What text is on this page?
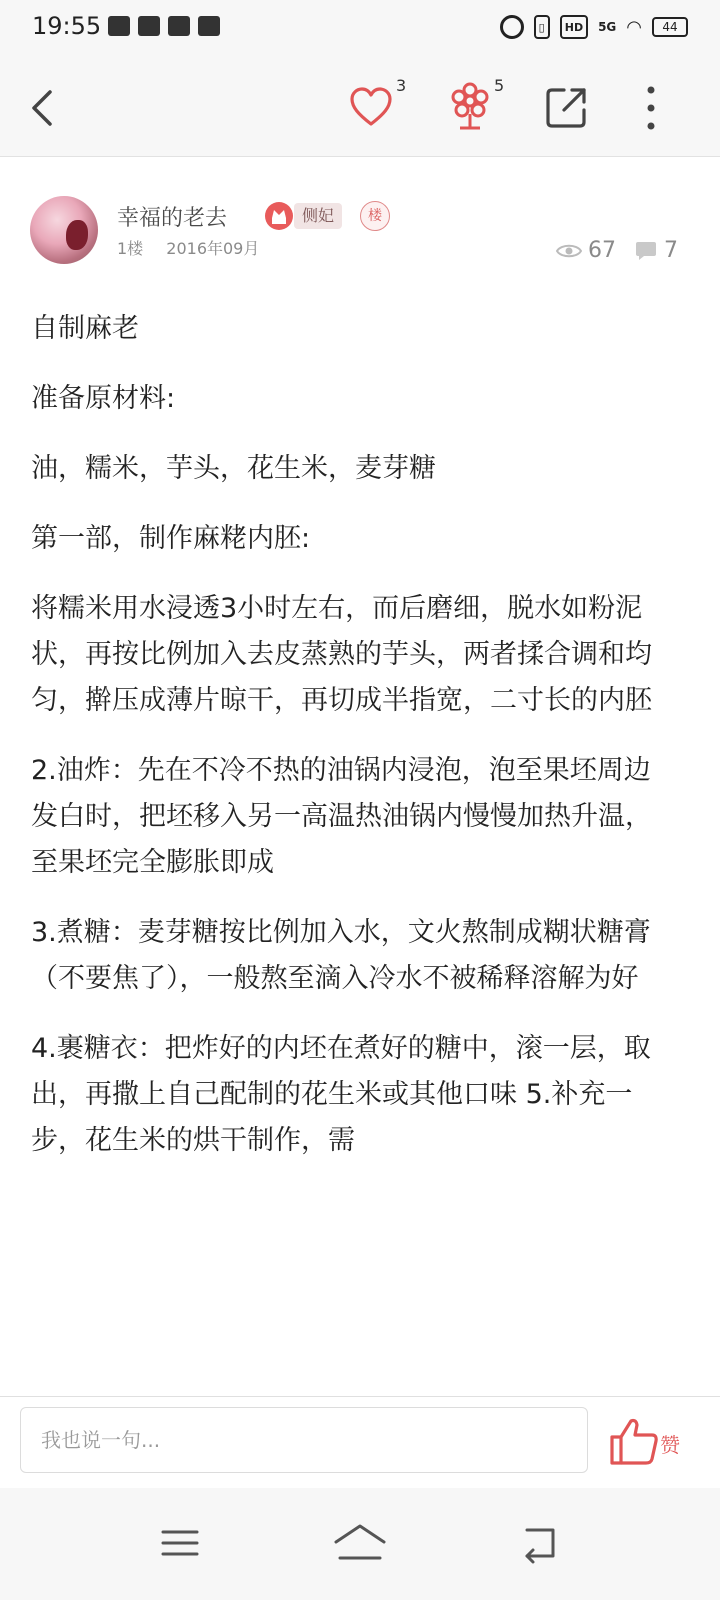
19:55	▯	HD	5G ◠	44
3	5
幸福的老去	侧妃	楼
1楼 2016年09月	67 7

自制麻老

准备原材料:

油，糯米，芋头，花生米，麦芽糖

第一部，制作麻粩内胚:

将糯米用水浸透3小时左右，而后磨细，脱水如粉泥状，再按比例加入去皮蒸熟的芋头，两者揉合调和均匀，擀压成薄片晾干，再切成半指宽，二寸长的内胚

2.油炸：先在不冷不热的油锅内浸泡，泡至果坯周边发白时，把坯移入另一高温热油锅内慢慢加热升温，至果坯完全膨胀即成

3.煮糖：麦芽糖按比例加入水，文火熬制成糊状糖膏（不要焦了），一般熬至滴入冷水不被稀释溶解为好

4.裹糖衣：把炸好的内坯在煮好的糖中，滚一层，取出，再撒上自己配制的花生米或其他口味 5.补充一步，花生米的烘干制作，需

我也说一句...	赞
